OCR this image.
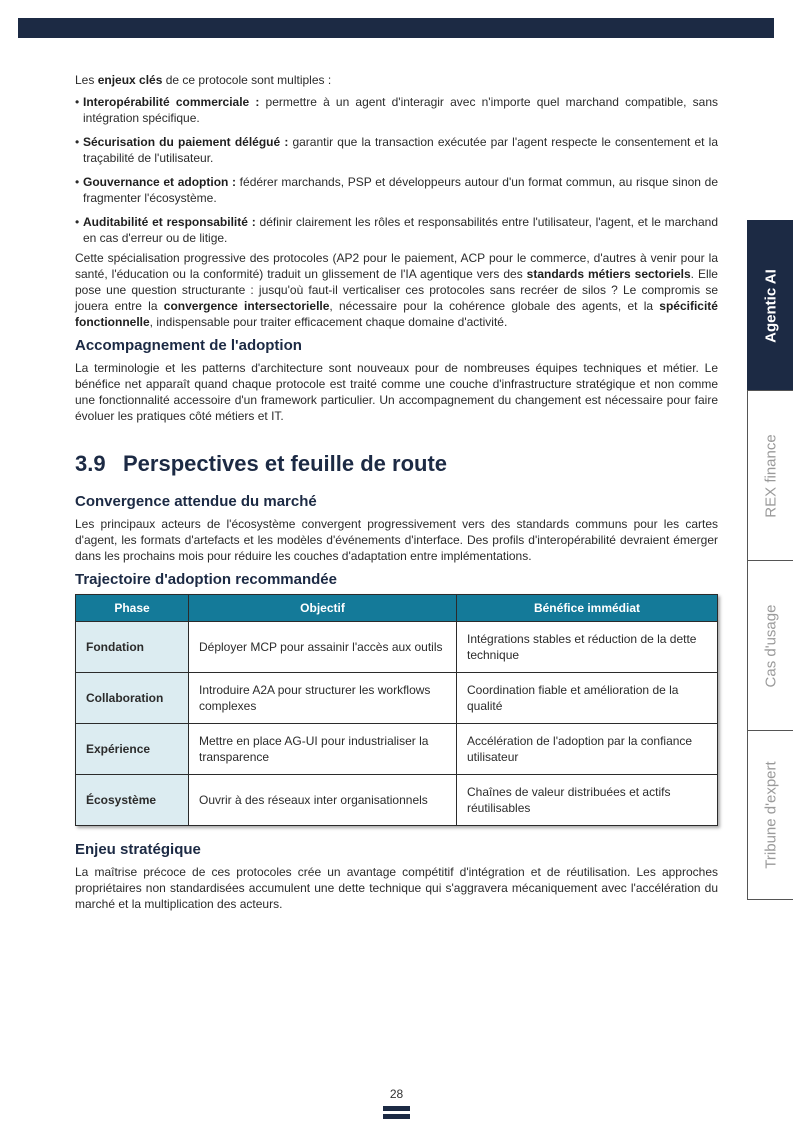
Les enjeux clés de ce protocole sont multiples :

• Interopérabilité commerciale : permettre à un agent d'interagir avec n'importe quel marchand compatible, sans intégration spécifique.
• Sécurisation du paiement délégué : garantir que la transaction exécutée par l'agent respecte le consentement et la traçabilité de l'utilisateur.
• Gouvernance et adoption : fédérer marchands, PSP et développeurs autour d'un format commun, au risque sinon de fragmenter l'écosystème.
• Auditabilité et responsabilité : définir clairement les rôles et responsabilités entre l'utilisateur, l'agent, et le marchand en cas d'erreur ou de litige.

Cette spécialisation progressive des protocoles (AP2 pour le paiement, ACP pour le commerce, d'autres à venir pour la santé, l'éducation ou la conformité) traduit un glissement de l'IA agentique vers des standards métiers sectoriels. Elle pose une question structurante : jusqu'où faut-il verticaliser ces protocoles sans recréer de silos ? Le compromis se jouera entre la convergence intersectorielle, nécessaire pour la cohérence globale des agents, et la spécificité fonctionnelle, indispensable pour traiter efficacement chaque domaine d'activité.

Accompagnement de l'adoption

La terminologie et les patterns d'architecture sont nouveaux pour de nombreuses équipes techniques et métier. Le bénéfice net apparaît quand chaque protocole est traité comme une couche d'infrastructure stratégique et non comme une fonctionnalité accessoire d'un framework particulier. Un accompagnement du changement est nécessaire pour faire évoluer les pratiques côté métiers et IT.

3.9 Perspectives et feuille de route
Convergence attendue du marché

Les principaux acteurs de l'écosystème convergent progressivement vers des standards communs pour les cartes d'agent, les formats d'artefacts et les modèles d'événements d'interface. Des profils d'interopérabilité devraient émerger dans les prochains mois pour réduire les couches d'adaptation entre implémentations.

Trajectoire d'adoption recommandée
Phase	Objectif	Bénéfice immédiat
Fondation	Déployer MCP pour assainir l'accès aux outils	Intégrations stables et réduction de la dette technique
Collaboration	Introduire A2A pour structurer les workflows complexes	Coordination fiable et amélioration de la qualité
Expérience	Mettre en place AG-UI pour industrialiser la transparence	Accélération de l'adoption par la confiance utilisateur
Écosystème	Ouvrir à des réseaux inter organisationnels	Chaînes de valeur distribuées et actifs réutilisables
Enjeu stratégique

La maîtrise précoce de ces protocoles crée un avantage compétitif d'intégration et de réutilisation. Les approches propriétaires non standardisées accumulent une dette technique qui s'aggravera mécaniquement avec l'accélération du marché et la multiplication des acteurs.

Agentic AI
REX finance
Cas d'usage
Tribune d'expert
28
